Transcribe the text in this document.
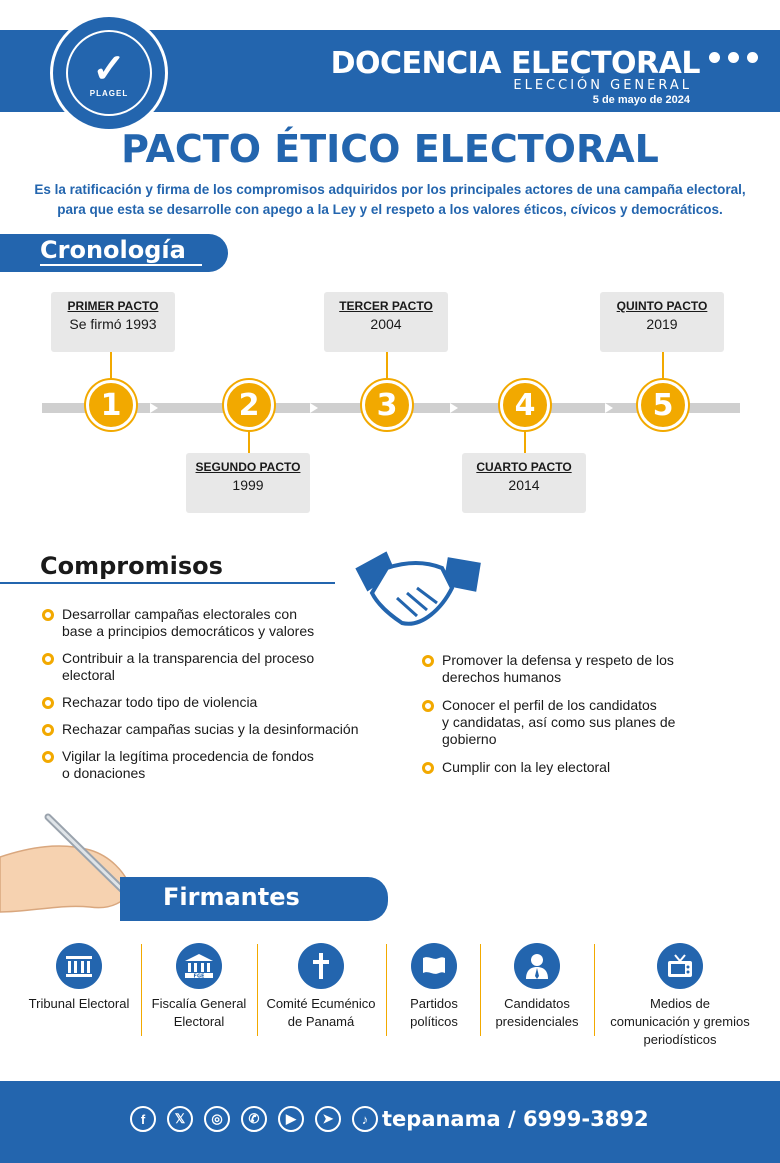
✓
PLAGEL
DOCENCIA ELECTORAL
ELECCIÓN GENERAL
5 de mayo de 2024
PACTO ÉTICO ELECTORAL
Es la ratificación y firma de los compromisos adquiridos por los principales actores de una campaña electoral,
para que esta se desarrolle con apego a la Ley y el respeto a los valores éticos, cívicos y democráticos.
Cronología
PRIMER PACTO
Se firmó 1993
1	2
SEGUNDO PACTO
1999
TERCER PACTO
2004
3	4
CUARTO PACTO
2014
QUINTO PACTO
2019
5
Compromisos
Desarrollar campañas electorales con
base a principios democráticos y valores
Contribuir a la transparencia del proceso
electoral
Rechazar todo tipo de violencia
Rechazar campañas sucias y la desinformación
Vigilar la legítima procedencia de fondos
o donaciones
Promover la defensa y respeto de los
derechos humanos
Conocer el perfil de los candidatos
y candidatas, así como sus planes de
gobierno
Cumplir con la ley electoral
Firmantes
Tribunal Electoral
FGE
Fiscalía General
Electoral
Comité Ecuménico
de Panamá
Partidos
políticos
Candidatos
presidenciales
Medios de
comunicación y gremios
periodísticos
f	𝕏	◎	✆	▶	➤	♪ tepanama / 6999-3892
